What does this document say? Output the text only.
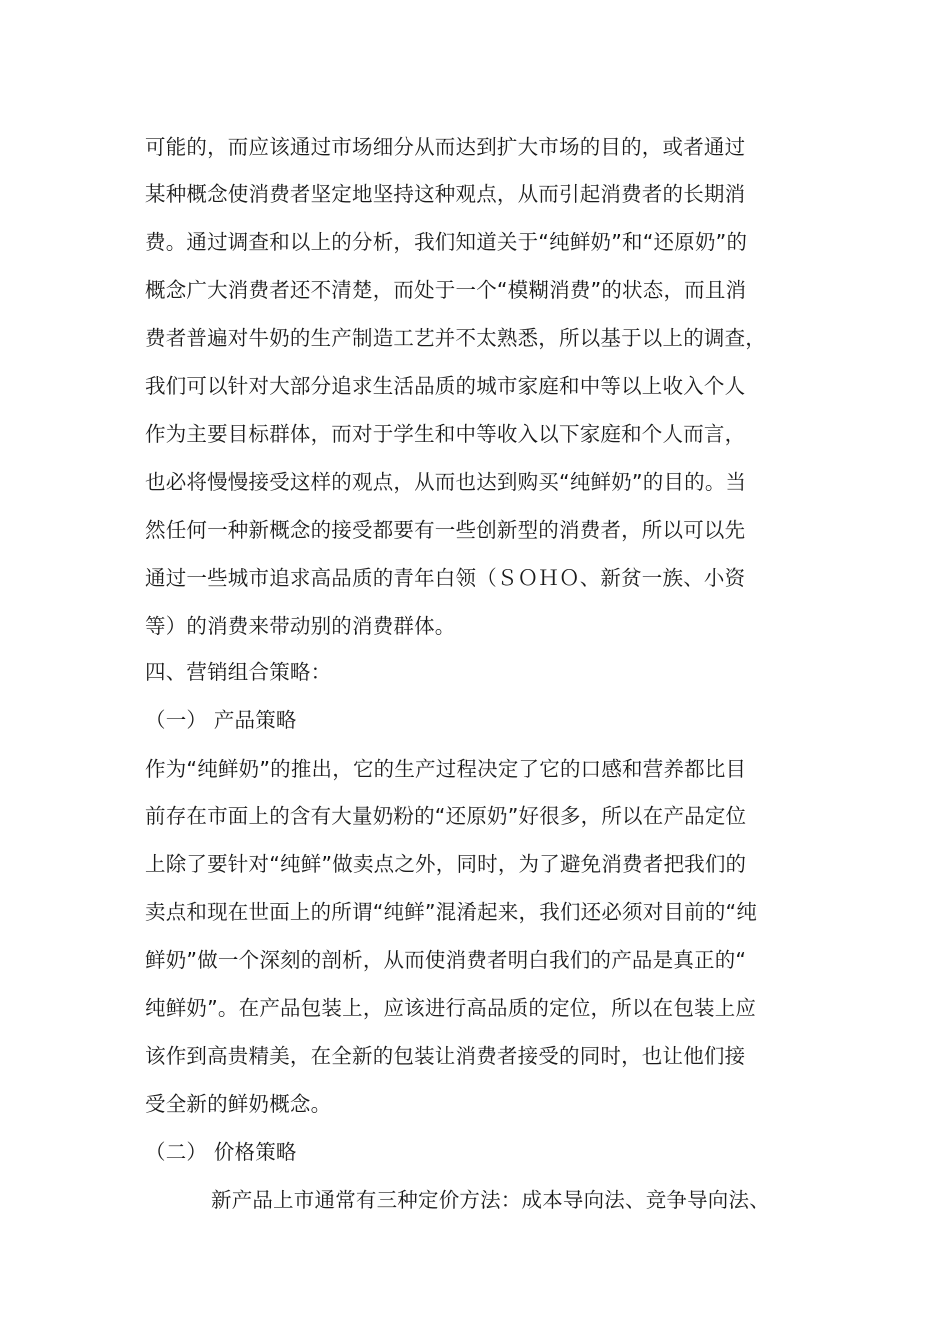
可能的，而应该通过市场细分从而达到扩大市场的目的，或者通过
某种概念使消费者坚定地坚持这种观点，从而引起消费者的长期消
费。通过调查和以上的分析，我们知道关于“纯鲜奶”和“还原奶”的
概念广大消费者还不清楚，而处于一个“模糊消费”的状态，而且消
费者普遍对牛奶的生产制造工艺并不太熟悉，所以基于以上的调查，
我们可以针对大部分追求生活品质的城市家庭和中等以上收入个人
作为主要目标群体，而对于学生和中等收入以下家庭和个人而言，
也必将慢慢接受这样的观点，从而也达到购买“纯鲜奶”的目的。当
然任何一种新概念的接受都要有一些创新型的消费者，所以可以先
通过一些城市追求高品质的青年白领（ＳＯＨＯ、新贫一族、小资
等）的消费来带动别的消费群体。
四、营销组合策略：
（一） 产品策略
作为“纯鲜奶”的推出，它的生产过程决定了它的口感和营养都比目
前存在市面上的含有大量奶粉的“还原奶”好很多，所以在产品定位
上除了要针对“纯鲜”做卖点之外，同时，为了避免消费者把我们的
卖点和现在世面上的所谓“纯鲜”混淆起来，我们还必须对目前的“纯
鲜奶”做一个深刻的剖析，从而使消费者明白我们的产品是真正的“
纯鲜奶”。在产品包装上，应该进行高品质的定位，所以在包装上应
该作到高贵精美，在全新的包装让消费者接受的同时，也让他们接
受全新的鲜奶概念。
（二） 价格策略
新产品上市通常有三种定价方法：成本导向法、竞争导向法、
